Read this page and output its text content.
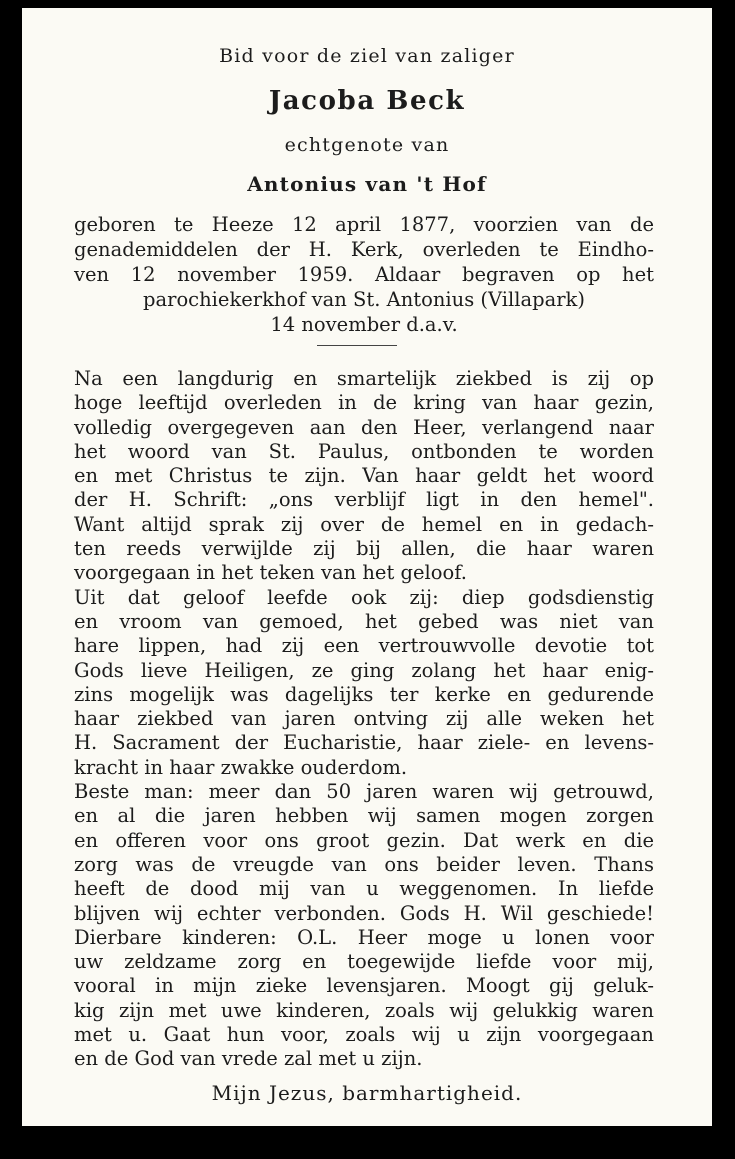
Bid voor de ziel van zaliger
Jacoba Beck
echtgenote van
Antonius van 't Hof
geboren te Heeze 12 april 1877, voorzien van de
genademiddelen der H. Kerk, overleden te Eindho-
ven 12 november 1959. Aldaar begraven op het
parochiekerkhof van St. Antonius (Villapark)
14 november d.a.v.
Na een langdurig en smartelijk ziekbed is zij op
hoge leeftijd overleden in de kring van haar gezin,
volledig overgegeven aan den Heer, verlangend naar
het woord van St. Paulus, ontbonden te worden
en met Christus te zijn. Van haar geldt het woord
der H. Schrift: „ons verblijf ligt in den hemel".
Want altijd sprak zij over de hemel en in gedach-
ten reeds verwijlde zij bij allen, die haar waren
voorgegaan in het teken van het geloof.
Uit dat geloof leefde ook zij: diep godsdienstig
en vroom van gemoed, het gebed was niet van
hare lippen, had zij een vertrouwvolle devotie tot
Gods lieve Heiligen, ze ging zolang het haar enig-
zins mogelijk was dagelijks ter kerke en gedurende
haar ziekbed van jaren ontving zij alle weken het
H. Sacrament der Eucharistie, haar ziele- en levens-
kracht in haar zwakke ouderdom.
Beste man: meer dan 50 jaren waren wij getrouwd,
en al die jaren hebben wij samen mogen zorgen
en offeren voor ons groot gezin. Dat werk en die
zorg was de vreugde van ons beider leven. Thans
heeft de dood mij van u weggenomen. In liefde
blijven wij echter verbonden. Gods H. Wil geschiede!
Dierbare kinderen: O.L. Heer moge u lonen voor
uw zeldzame zorg en toegewijde liefde voor mij,
vooral in mijn zieke levensjaren. Moogt gij geluk-
kig zijn met uwe kinderen, zoals wij gelukkig waren
met u. Gaat hun voor, zoals wij u zijn voorgegaan
en de God van vrede zal met u zijn.
Mijn Jezus, barmhartigheid.
